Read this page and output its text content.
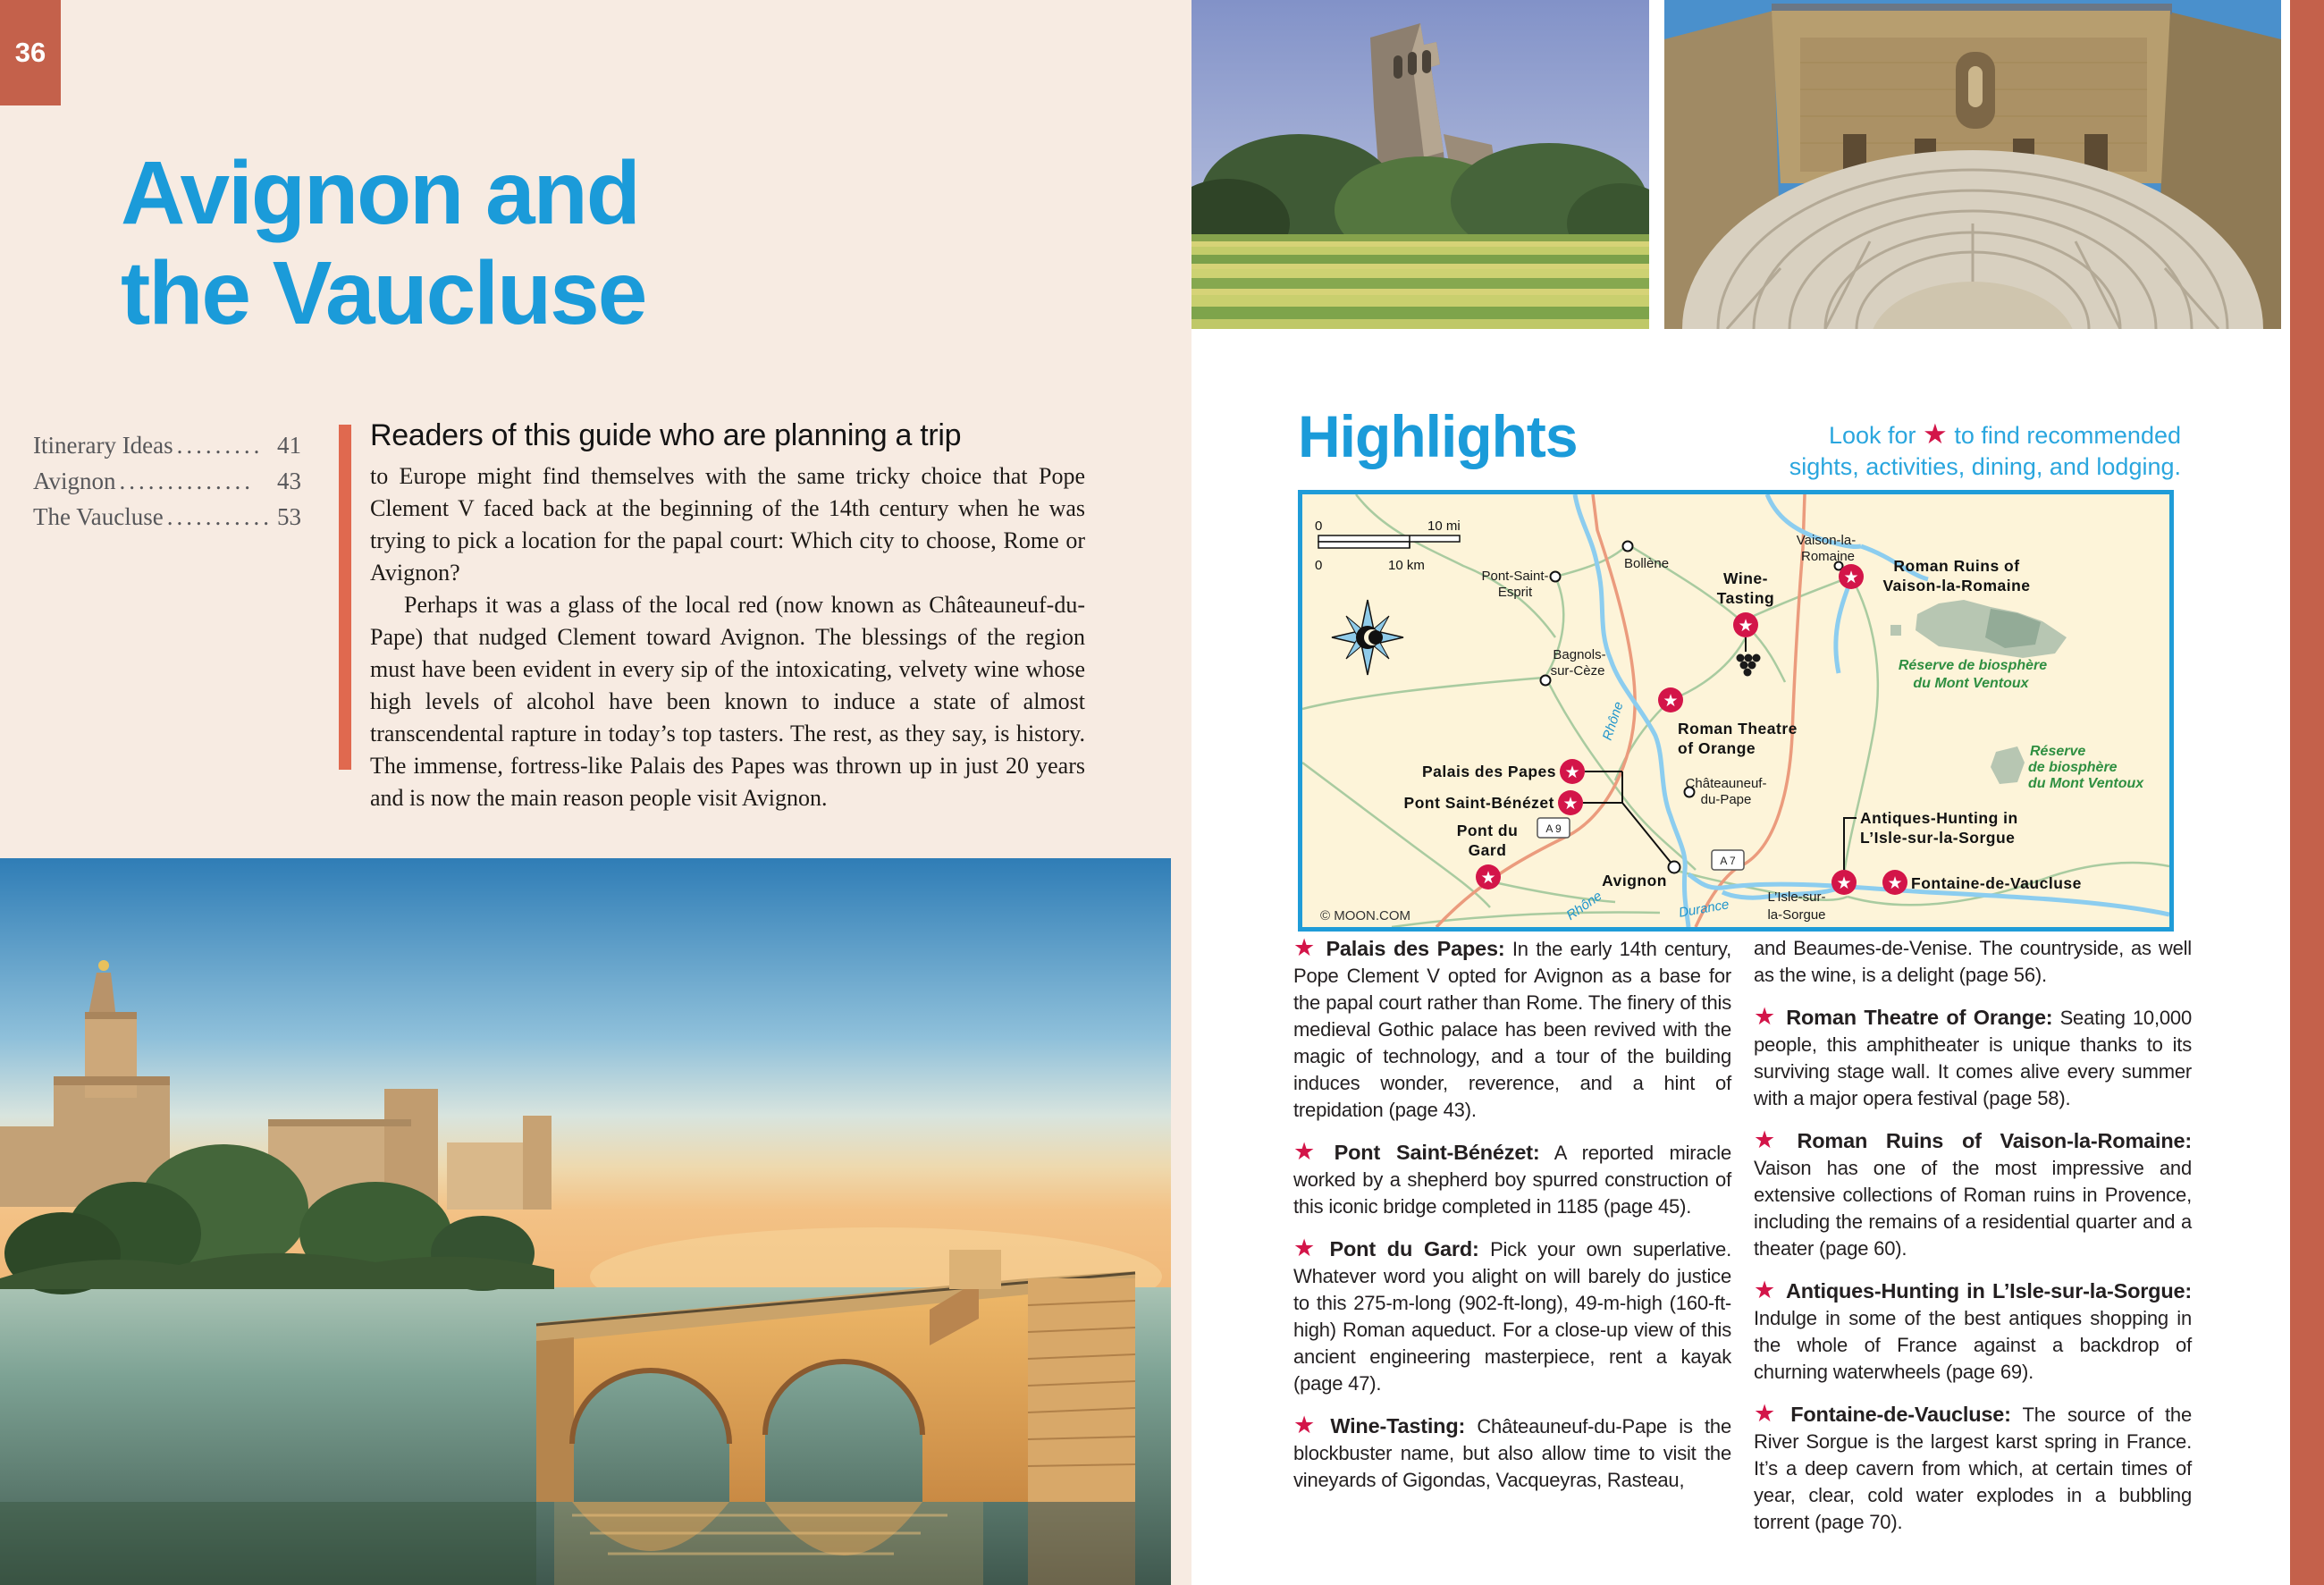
36
Avignon and
the Vaucluse
Itinerary Ideas ......... 41
Avignon .............. 43
The Vaucluse ........... 53

Readers of this guide who are planning a trip

to Europe might find themselves with the same tricky choice that Pope Clement V faced back at the beginning of the 14th century when he was trying to pick a location for the papal court: Which city to choose, Rome or Avignon?

Perhaps it was a glass of the local red (now known as Châteauneuf-du-Pape) that nudged Clement toward Avignon. The blessings of the region must have been evident in every sip of the intoxicating, velvety wine whose high levels of alcohol have been known to induce a state of almost transcendental rapture in today’s top tasters. The rest, as they say, is history. The immense, fortress-like Palais des Papes was thrown up in just 20 years and is now the main reason people visit Avignon.

Highlights	Look for ★ to find recommended
sights, activities, dining, and lodging.
Réserve de biosphère
du Mont Ventoux
Réserve
de biosphère
du Mont Ventoux
0	10 mi
0	10 km
Pont-Saint-
Esprit
Bollène
Bagnols-
sur-Cèze
Châteauneuf-
du-Pape
Avignon
Vaison-la-
Romaine
L’Isle-sur-
la-Sorgue
A 9
A 7
Rhône
Rhône	Durance
★
★
★
★
★
★	★ ★
Wine-
Tasting
Roman Ruins of
Vaison-la-Romaine
Roman Theatre
of Orange
Palais des Papes
Pont Saint-Bénézet
Pont du
Gard
Antiques-Hunting in
L’Isle-sur-la-Sorgue
Fontaine-de-Vaucluse
© MOON.COM

★ Palais des Papes: In the early 14th century, Pope Clement V opted for Avignon as a base for the papal court rather than Rome. The finery of this medieval Gothic palace has been revived with the magic of technology, and a tour of the building induces wonder, reverence, and a hint of trepidation (page 43).

★ Pont Saint-Bénézet: A reported miracle worked by a shepherd boy spurred construction of this iconic bridge completed in 1185 (page 45).

★ Pont du Gard: Pick your own superlative. Whatever word you alight on will barely do justice to this 275-m-long (902-ft-long), 49-m-high (160-ft-high) Roman aqueduct. For a close-up view of this ancient engineering masterpiece, rent a kayak (page 47).

★ Wine-Tasting: Châteauneuf-du-Pape is the blockbuster name, but also allow time to visit the vineyards of Gigondas, Vacqueyras, Rasteau,

and Beaumes-de-Venise. The countryside, as well as the wine, is a delight (page 56).

★ Roman Theatre of Orange: Seating 10,000 people, this amphitheater is unique thanks to its surviving stage wall. It comes alive every summer with a major opera festival (page 58).

★ Roman Ruins of Vaison-la-Romaine: Vaison has one of the most impressive and extensive collections of Roman ruins in Provence, including the remains of a residential quarter and a theater (page 60).

★ Antiques-Hunting in L’Isle-sur-la-Sorgue: Indulge in some of the best antiques shopping in the whole of France against a backdrop of churning waterwheels (page 69).

★ Fontaine-de-Vaucluse: The source of the River Sorgue is the largest karst spring in France. It’s a deep cavern from which, at certain times of year, clear, cold water explodes in a bubbling torrent (page 70).
